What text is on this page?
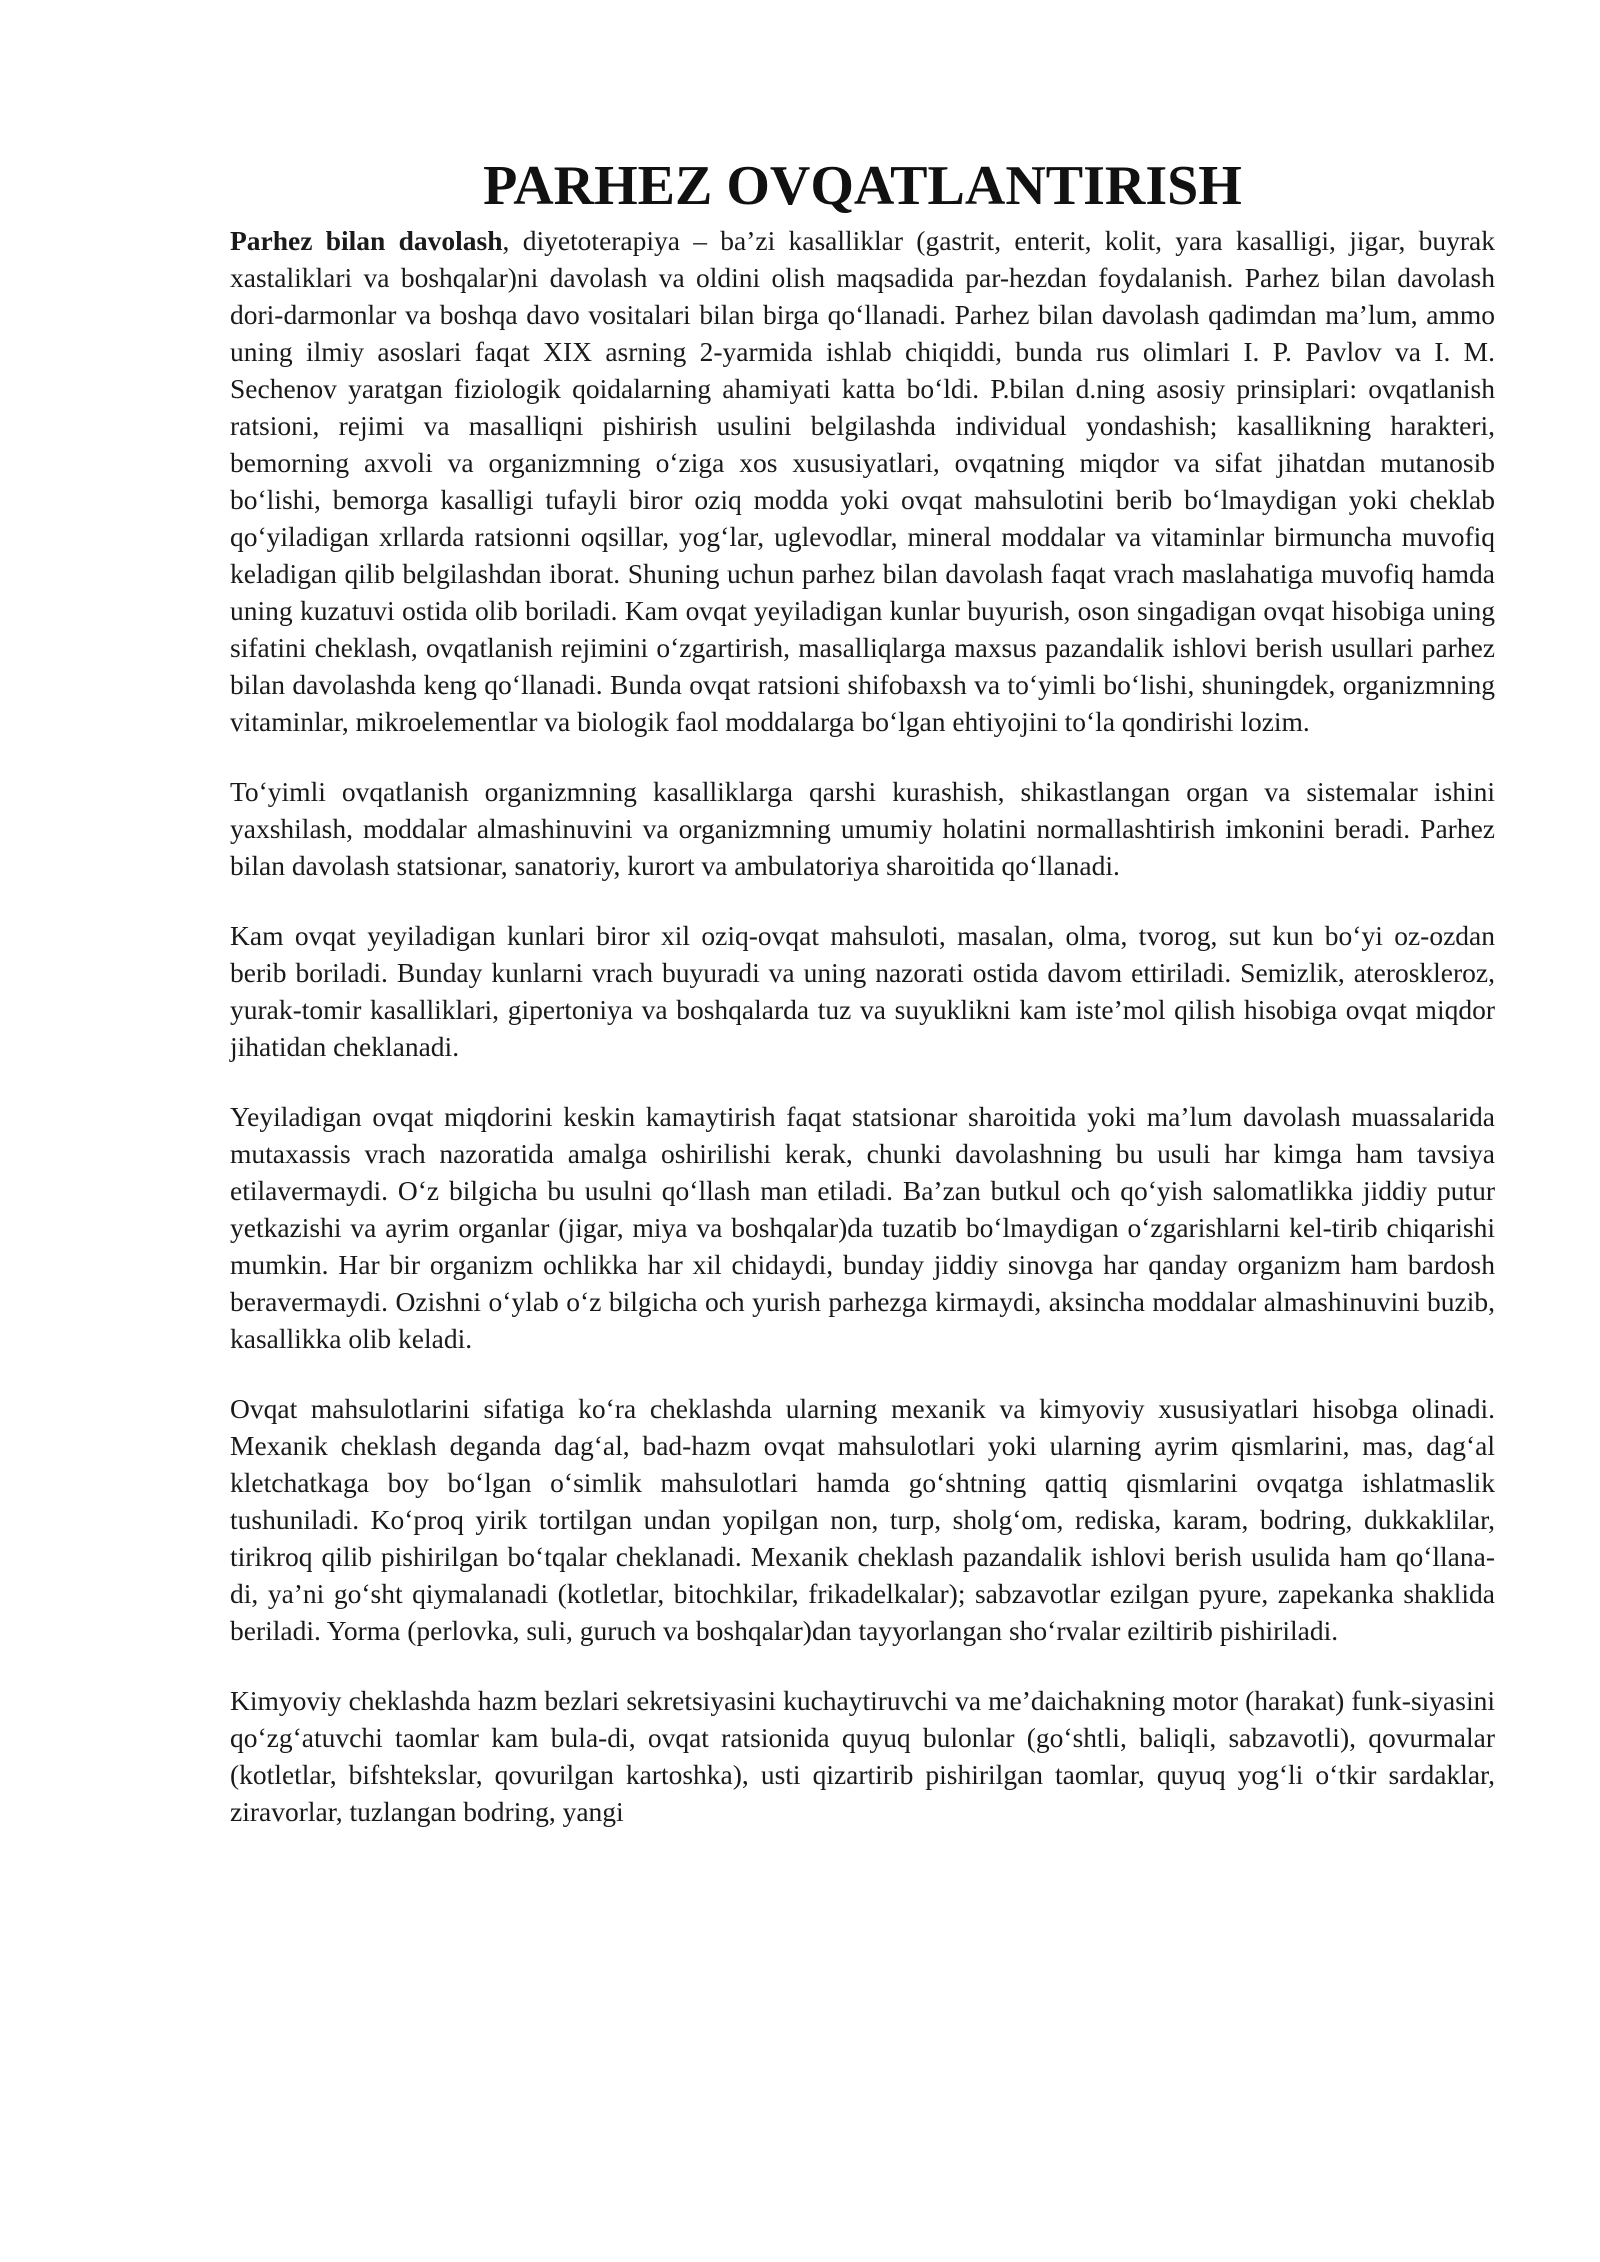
PARHEZ OVQATLANTIRISH

Parhez bilan davolash, diyetoterapiya – ba’zi kasalliklar (gastrit, enterit, kolit, yara kasalligi, jigar, buyrak xastaliklari va boshqalar)ni davolash va oldini olish maqsadida par-hezdan foydalanish. Parhez bilan davolash dori-darmonlar va boshqa davo vositalari bilan birga qo‘llanadi. Parhez bilan davolash qadimdan ma’lum, ammo uning ilmiy asoslari faqat XIX asrning 2-yarmida ishlab chiqiddi, bunda rus olimlari I. P. Pavlov va I. M. Sechenov yaratgan fiziologik qoidalarning ahamiyati katta bo‘ldi. P.bilan d.ning asosiy prinsiplari: ovqatlanish ratsioni, rejimi va masalliqni pishirish usulini belgilashda individual yondashish; kasallikning harakteri, bemorning axvoli va organizmning o‘ziga xos xususiyatlari, ovqatning miqdor va sifat jihatdan mutanosib bo‘lishi, bemorga kasalligi tufayli biror oziq modda yoki ovqat mahsulotini berib bo‘lmaydigan yoki cheklab qo‘yiladigan xrllarda ratsionni oqsillar, yog‘lar, uglevodlar, mineral moddalar va vitaminlar birmuncha muvofiq keladigan qilib belgilashdan iborat. Shuning uchun parhez bilan davolash faqat vrach maslahatiga muvofiq hamda uning kuzatuvi ostida olib boriladi. Kam ovqat yeyiladigan kunlar buyurish, oson singadigan ovqat hisobiga uning sifatini cheklash, ovqatlanish rejimini o‘zgartirish, masalliqlarga maxsus pazandalik ishlovi berish usullari parhez bilan davolashda keng qo‘llanadi. Bunda ovqat ratsioni shifobaxsh va to‘yimli bo‘lishi, shuningdek, organizmning vitaminlar, mikroelementlar va biologik faol moddalarga bo‘lgan ehtiyojini to‘la qondirishi lozim.

To‘yimli ovqatlanish organizmning kasalliklarga qarshi kurashish, shikastlangan organ va sistemalar ishini yaxshilash, moddalar almashinuvini va organizmning umumiy holatini normallashtirish imkonini beradi. Parhez bilan davolash statsionar, sanatoriy, kurort va ambulatoriya sharoitida qo‘llanadi.

Kam ovqat yeyiladigan kunlari biror xil oziq-ovqat mahsuloti, masalan, olma, tvorog, sut kun bo‘yi oz-ozdan berib boriladi. Bunday kunlarni vrach buyuradi va uning nazorati ostida davom ettiriladi. Semizlik, ateroskleroz, yurak-tomir kasalliklari, gipertoniya va boshqalarda tuz va suyuklikni kam iste’mol qilish hisobiga ovqat miqdor jihatidan cheklanadi.

Yeyiladigan ovqat miqdorini keskin kamaytirish faqat statsionar sharoitida yoki ma’lum davolash muassalarida mutaxassis vrach nazoratida amalga oshirilishi kerak, chunki davolashning bu usuli har kimga ham tavsiya etilavermaydi. O‘z bilgicha bu usulni qo‘llash man etiladi. Ba’zan butkul och qo‘yish salomatlikka jiddiy putur yetkazishi va ayrim organlar (jigar, miya va boshqalar)da tuzatib bo‘lmaydigan o‘zgarishlarni kel-tirib chiqarishi mumkin. Har bir organizm ochlikka har xil chidaydi, bunday jiddiy sinovga har qanday organizm ham bardosh beravermaydi. Ozishni o‘ylab o‘z bilgicha och yurish parhezga kirmaydi, aksincha moddalar almashinuvini buzib, kasallikka olib keladi.

Ovqat mahsulotlarini sifatiga ko‘ra cheklashda ularning mexanik va kimyoviy xususiyatlari hisobga olinadi. Mexanik cheklash deganda dag‘al, bad-hazm ovqat mahsulotlari yoki ularning ayrim qismlarini, mas, dag‘al kletchatkaga boy bo‘lgan o‘simlik mahsulotlari hamda go‘shtning qattiq qismlarini ovqatga ishlatmaslik tushuniladi. Ko‘proq yirik tortilgan undan yopilgan non, turp, sholg‘om, rediska, karam, bodring, dukkaklilar, tirikroq qilib pishirilgan bo‘tqalar cheklanadi. Mexanik cheklash pazandalik ishlovi berish usulida ham qo‘llana-di, ya’ni go‘sht qiymalanadi (kotletlar, bitochkilar, frikadelkalar); sabzavotlar ezilgan pyure, zapekanka shaklida beriladi. Yorma (perlovka, suli, guruch va boshqalar)dan tayyorlangan sho‘rvalar eziltirib pishiriladi.

Kimyoviy cheklashda hazm bezlari sekretsiyasini kuchaytiruvchi va me’daichakning motor (harakat) funk-siyasini qo‘zg‘atuvchi taomlar kam bula-di, ovqat ratsionida quyuq bulonlar (go‘shtli, baliqli, sabzavotli), qovurmalar (kotletlar, bifshtekslar, qovurilgan kartoshka), usti qizartirib pishirilgan taomlar, quyuq yog‘li o‘tkir sardaklar, ziravorlar, tuzlangan bodring, yangi
